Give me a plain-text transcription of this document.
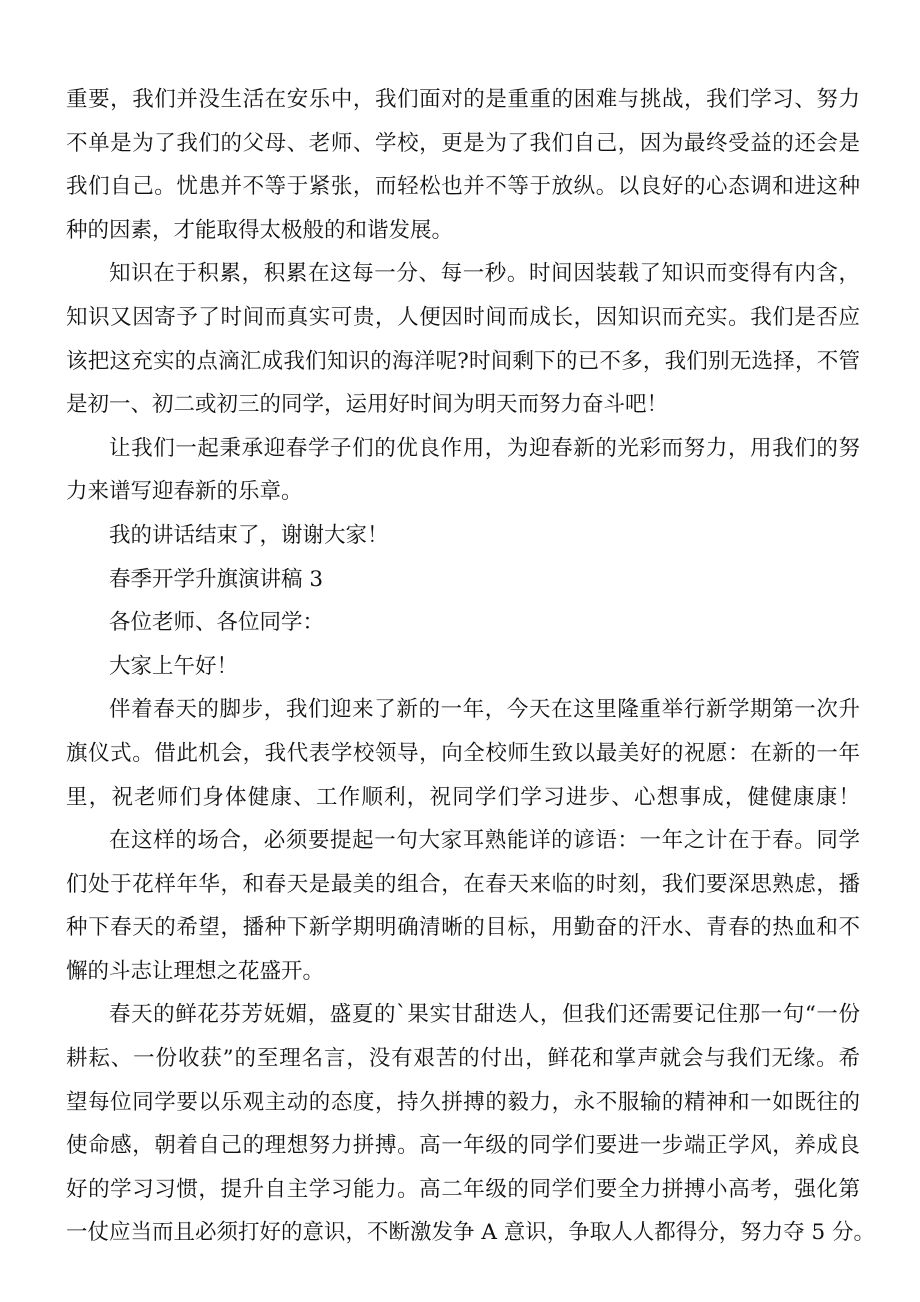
重要，我们并没生活在安乐中，我们面对的是重重的困难与挑战，我们学习、努力
不单是为了我们的父母、老师、学校，更是为了我们自己，因为最终受益的还会是
我们自己。忧患并不等于紧张，而轻松也并不等于放纵。以良好的心态调和进这种
种的因素，才能取得太极般的和谐发展。
知识在于积累，积累在这每一分、每一秒。时间因装载了知识而变得有内含，
知识又因寄予了时间而真实可贵，人便因时间而成长，因知识而充实。我们是否应
该把这充实的点滴汇成我们知识的海洋呢?时间剩下的已不多，我们别无选择，不管
是初一、初二或初三的同学，运用好时间为明天而努力奋斗吧！
让我们一起秉承迎春学子们的优良作用，为迎春新的光彩而努力，用我们的努
力来谱写迎春新的乐章。
我的讲话结束了，谢谢大家！
春季开学升旗演讲稿 3
各位老师、各位同学：
大家上午好！
伴着春天的脚步，我们迎来了新的一年，今天在这里隆重举行新学期第一次升
旗仪式。借此机会，我代表学校领导，向全校师生致以最美好的祝愿：在新的一年
里，祝老师们身体健康、工作顺利，祝同学们学习进步、心想事成，健健康康！
在这样的场合，必须要提起一句大家耳熟能详的谚语：一年之计在于春。同学
们处于花样年华，和春天是最美的组合，在春天来临的时刻，我们要深思熟虑，播
种下春天的希望，播种下新学期明确清晰的目标，用勤奋的汗水、青春的热血和不
懈的斗志让理想之花盛开。
春天的鲜花芬芳妩媚，盛夏的`果实甘甜迭人，但我们还需要记住那一句“一份
耕耘、一份收获”的至理名言，没有艰苦的付出，鲜花和掌声就会与我们无缘。希
望每位同学要以乐观主动的态度，持久拼搏的毅力，永不服输的精神和一如既往的
使命感，朝着自己的理想努力拼搏。高一年级的同学们要进一步端正学风，养成良
好的学习习惯，提升自主学习能力。高二年级的同学们要全力拼搏小高考，强化第
一仗应当而且必须打好的意识，不断激发争 A 意识，争取人人都得分，努力夺 5 分。
